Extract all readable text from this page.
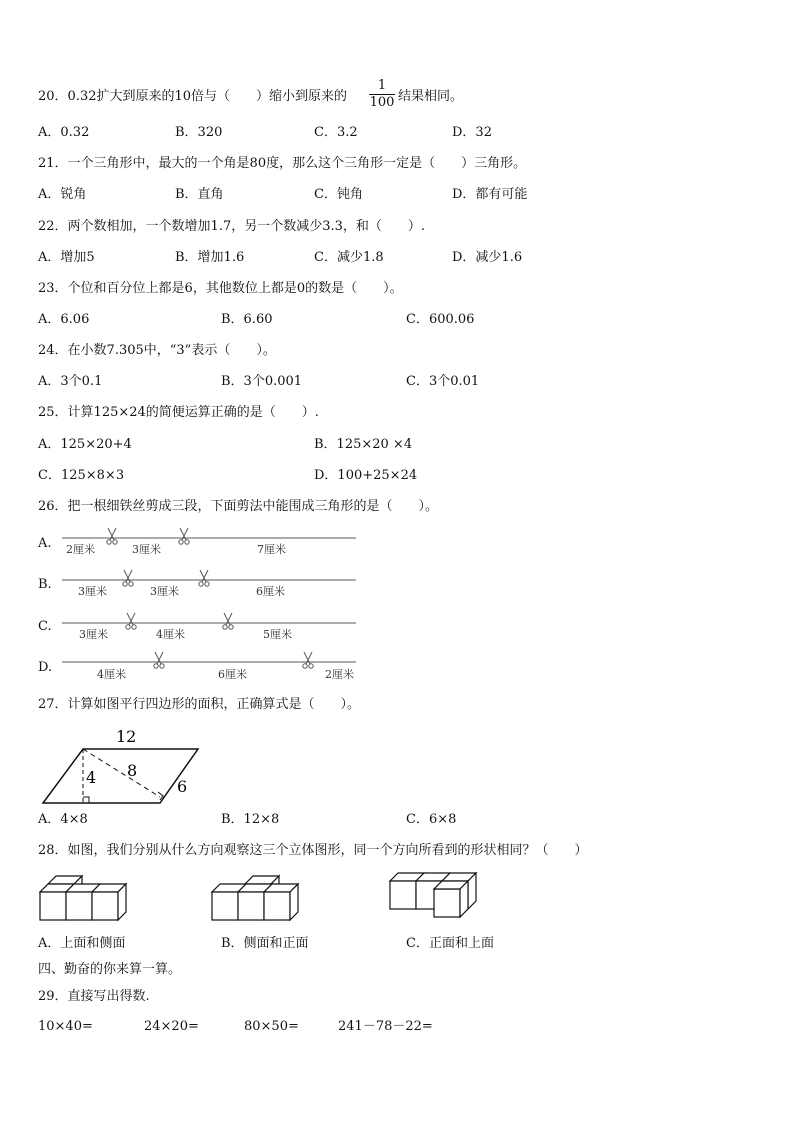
20．0.32扩大到原来的10倍与（　　）缩小到原来的
1
100 结果相同。
A．0.32	B．320	C．3.2	D．32
21．一个三角形中，最大的一个角是80度，那么这个三角形一定是（　　）三角形。
A．锐角	B．直角	C．钝角	D．都有可能
22．两个数相加，一个数增加1.7，另一个数减少3.3，和（　　）.
A．增加5	B．增加1.6	C．减少1.8	D．减少1.6
23．个位和百分位上都是6，其他数位上都是0的数是（　　）。
A．6.06	B．6.60	C．600.06
24．在小数7.305中，“3”表示（　　）。
A．3个0.1	B．3个0.001	C．3个0.01
25．计算125×24的简便运算正确的是（　　）.
A．125×20+4	B．125×20 ×4
C．125×8×3	D．100+25×24
26．把一根细铁丝剪成三段，下面剪法中能围成三角形的是（　　）。
A. 2厘米	3厘米	7厘米
B. 3厘米	3厘米	6厘米
C.
3厘米	4厘米	5厘米
D.	4厘米	6厘米	2厘米
27．计算如图平行四边形的面积，正确算式是（　　）。
12
4 8
6
A．4×8	B．12×8	C．6×8
28．如图，我们分别从什么方向观察这三个立体图形，同一个方向所看到的形状相同？（　　）
A．上面和侧面	B．侧面和正面	C．正面和上面
四、勤奋的你来算一算。
29．直接写出得数.
10×40=	24×20=	80×50=	241－78－22=
